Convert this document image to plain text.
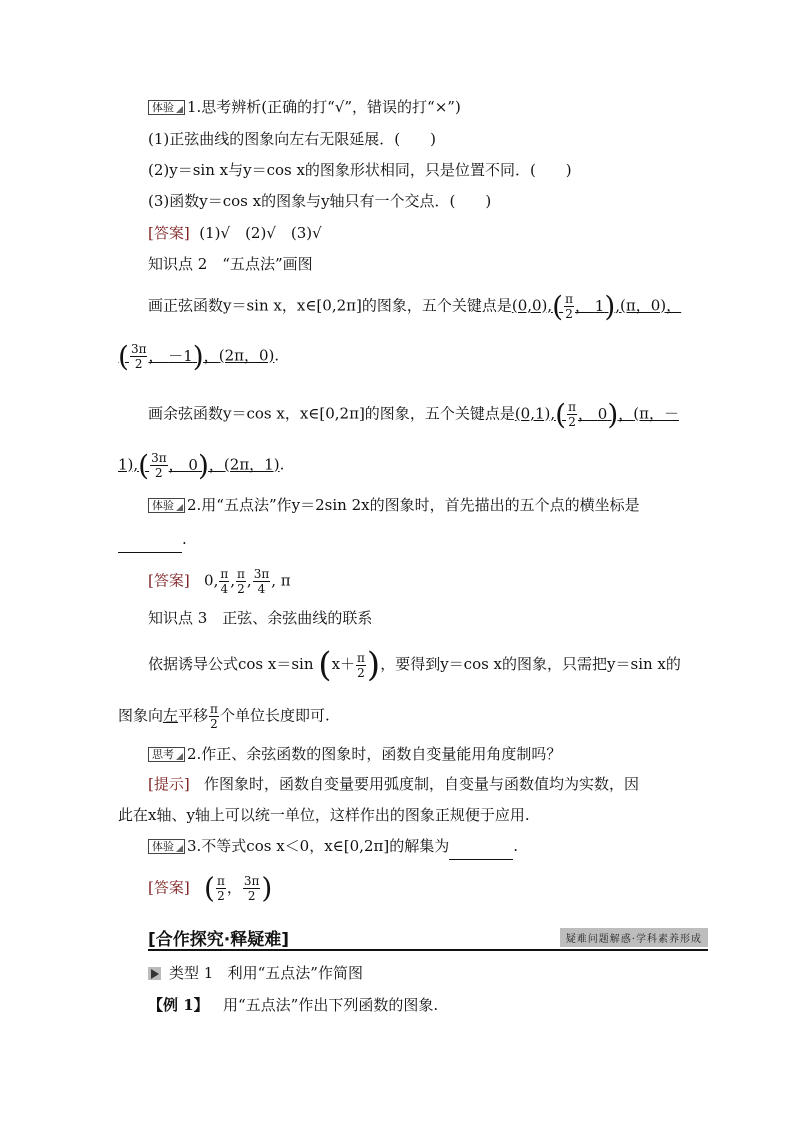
体验 1.思考辨析(正确的打“√”，错误的打“×”)
(1)正弦曲线的图象向左右无限延展．(　　)
(2)y＝sin x与y＝cos x的图象形状相同，只是位置不同．(　　)
(3)函数y＝cos x的图象与y轴只有一个交点．(　　)
[答案] (1)√　(2)√　(3)√
知识点 2　“五点法”画图
画正弦函数y＝sin x，x∈[0,2π]的图象，五个关键点是$(0,0),( \frac{\pi}{2}$ ， 1),(π，0)，
( $\frac{3\pi}{2}$ ， －1)，(2π，0).
画余弦函数y＝cos x，x∈[0,2π]的图象，五个关键点是$(0,1),( \frac{\pi}{2}$ ， 0)，(π，－
$1),( \frac{3\pi}{2}$ ， 0)，(2π，1).
体验 2.用“五点法”作y＝2sin 2x的图象时，首先描出的五个点的横坐标是
.
[答案] 0, $\frac{\pi}{4}$ , $\frac{\pi}{2}$ , $\frac{3\pi}{4}$ , π
知识点 3　正弦、余弦曲线的联系
依据诱导公式cos x＝sin ($x+ \frac{\pi}{2}$ )，要得到y＝cos x的图象，只需把y＝sin x的
图象向左平移 $\frac{\pi}{2}$ 个单位长度即可.
思考 2.作正、余弦函数的图象时，函数自变量能用角度制吗？
[提示] 作图象时，函数自变量要用弧度制，自变量与函数值均为实数，因
此在x轴、y轴上可以统一单位，这样作出的图象正规便于应用.
体验 3.不等式cos x＜0，x∈[0,2π]的解集为	.
[答案] ( $\frac{\pi}{2}$ ， $\frac{3\pi}{2}$ )
[合作探究·释疑难]	疑难问题解惑·学科素养形成
类型 1 利用“五点法”作简图
【例 1】 用“五点法”作出下列函数的图象.
